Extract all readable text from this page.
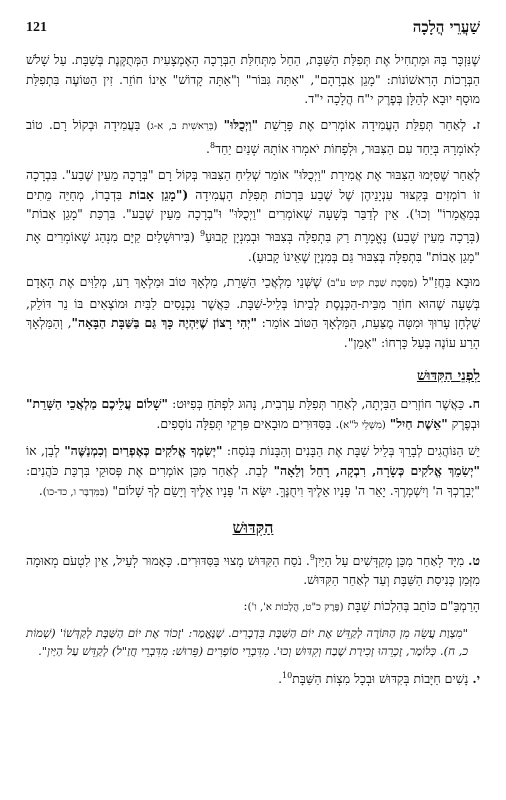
שַׁעֲרֵי הֲלָכָה
121

שֶׁנִּזְכָּר בָּהּ וּמַתְחִיל אֶת תְּפִלַּת הַשַּׁבָּת, הַחֵל מִתְּחִלַּת הַבְּרָכָה הָאֶמְצָעִית הַמְּתֻקֶּנֶת בְּשַׁבָּת. עַל שָׁלֹשׁ הַבְּרָכוֹת הָרִאשׁוֹנוֹת: "מָגֵן אַבְרָהָם", "אַתָּה גִּבּוֹר" וְ"אַתָּה קָדוֹשׁ" אֵינוֹ חוֹזֵר. זִין הַטּוֹעֶה בִּתְפִלַּת מוּסָף יוּבָא לְהַלָּן בְּפֶרֶק י"ח הֲלָכָה י"ד.

ז. לְאַחַר תְּפִלַּת הָעֲמִידָה אוֹמְרִים אֶת פָּרָשַׁת "וַיְכֻלּוּ" (בְּרֵאשִׁית ב, א-ג) בַּעֲמִידָה וּבְקוֹל רָם. טוֹב לְאוֹמְרָהּ בְּיַחַד עִם הַצִּבּוּר, וּלְפָחוֹת יֹאמְרוּ אוֹתָהּ שְׁנַיִם יַחַד$^8$.

לְאַחַר שֶׁסִּיְּמוּ הַצִּבּוּר אֶת אֲמִירַת "וַיְכֻלּוּ" אוֹמֵר שְׁלִיחַ הַצִּבּוּר בְּקוֹל רָם "בְּרָכָה מֵעֵין שֶׁבַע". בִּבְרָכָה זוֹ רוֹמְזִים בְּקִצּוּר עִנְיָנֵיהֶן שֶׁל שֶׁבַע בִּרְכוֹת תְּפִלַּת הָעֲמִידָה ("מָגֵן אָבוֹת בִּדְבָרוֹ, מְחַיֵּה מֵתִים בְּמַאֲמָרוֹ" וְכוּ'). אֵין לְדַבֵּר בְּשָׁעָה שֶׁאוֹמְרִים "וַיְכֻלּוּ" וּ"בְרָכָה מֵעֵין שֶׁבַע". בִּרְכַּת "מָגֵן אָבוֹת" (בְּרָכָה מֵעֵין שֶׁבַע) נֶאֱמֶרֶת רַק בִּתְפִלָּה בְּצִבּוּר וּבְמִנְיָן קָבוּעַ$^9$ (בִּירוּשָׁלַיִם קַיָּם מִנְהַג שֶׁאוֹמְרִים אֶת "מָגֵן אָבוֹת" בִּתְפִלָּה בְּצִבּוּר גַּם בְּמִנְיָן שֶׁאֵינוֹ קָבוּעַ).

מוּבָא בַּחֲזַ"ל (מַסֶּכֶת שַׁבָּת קיט ע"ב) שֶׁשְּׁנֵי מַלְאֲכֵי הַשָּׁרֵת, מַלְאָךְ טוֹב וּמַלְאָךְ רַע, מְלַוִּים אֶת הָאָדָם בְּשָׁעָה שֶׁהוּא חוֹזֵר מִבֵּית-הַכְּנֶסֶת לְבֵיתוֹ בְּלֵיל-שַׁבָּת. כַּאֲשֶׁר נִכְנָסִים לַבַּיִת וּמוֹצְאִים בּוֹ נֵר דּוֹלֵק, שֻׁלְחָן עָרוּךְ וּמִטָּה מֻצַּעַת, הַמַּלְאָךְ הַטּוֹב אוֹמֵר: "יְהִי רָצוֹן שֶׁיִּהְיֶה כָּךְ גַּם בַּשַּׁבָּת הַבָּאָה", וְהַמַּלְאָךְ הָרַע עוֹנֶה בְּעַל כָּרְחוֹ: "אָמֵן".

לִפְנֵי הַקִּדּוּשׁ

ח. כַּאֲשֶׁר חוֹזְרִים הַבַּיְתָה, לְאַחַר תְּפִלַּת עַרְבִית, נָהוּג לִפְתֹּחַ בְּפִיּוּט: "שָׁלוֹם עֲלֵיכֶם מַלְאֲכֵי הַשָּׁרֵת" וּבְפֶרֶק "אֵשֶׁת חַיִל" (מִשְׁלֵי ל"א). בַּסִּדּוּרִים מוּבָאִים פִּרְקֵי תְּפִלָּה נוֹסָפִים.

יֵשׁ הַנּוֹהֲגִים לְבָרֵךְ בְּלֵיל שַׁבָּת אֶת הַבָּנִים וְהַבָּנוֹת בְּנֹסַח: "יְשִׂמְךָ אֱלֹקִים כְּאֶפְרַיִם וְכִמְנַשֶּׁה" לְבֵן, אוֹ "יְשִׂמֵךְ אֱלֹקִים כְּשָׂרָה, רִבְקָה, רָחֵל וְלֵאָה" לְבַת. לְאַחַר מִכֵּן אוֹמְרִים אֶת פְּסוּקֵי בִּרְכַּת כֹּהֲנִים: "יְבָרֶכְךָ ה' וְיִשְׁמְרֶךָ. יָאֵר ה' פָּנָיו אֵלֶיךָ וִיחֻנֶּךָּ. יִשָּׂא ה' פָּנָיו אֵלֶיךָ וְיָשֵׂם לְךָ שָׁלוֹם" (בַּמִּדְבָּר ו, כד-כו).

הַקִּדּוּשׁ

ט. מִיָּד לְאַחַר מִכֵּן מְקַדְּשִׁים עַל הַיַּיִן$^9$. נֹסַח הַקִּדּוּשׁ מָצוּי בַּסִּדּוּרִים. כָּאָמוּר לְעֵיל, אֵין לִטְעֹם מְאוּמָה מִזְּמַן כְּנִיסַת הַשַּׁבָּת וְעַד לְאַחַר הַקִּדּוּשׁ.

הָרַמְבַּ"ם כּוֹתֵב בְּהִלְכוֹת שַׁבָּת (פֶּרֶק כ"ט, הֲלָכוֹת א', ו'):

"מִצְוַת עֲשֵׂה מִן הַתּוֹרָה לְקַדֵּשׁ אֶת יוֹם הַשַּׁבָּת בִּדְבָרִים. שֶׁנֶּאֱמַר: 'זָכוֹר אֶת יוֹם הַשַּׁבָּת לְקַדְּשׁוֹ' (שְׁמוֹת כ, ח). כְּלוֹמַר, זָכְרֵהוּ זְכִירַת שֶׁבַח וְקִדּוּשׁ וְכוּ'. מִדִּבְרֵי סוֹפְרִים (פֵּרוּשׁ: מִדִּבְרֵי חֲזַ"ל) לְקַדֵּשׁ עַל הַיַּיִן".

י. נָשִׁים חַיָּבוֹת בְּקִדּוּשׁ וּבְכָל מִצְוֹת הַשַּׁבָּת$^{10}$.
